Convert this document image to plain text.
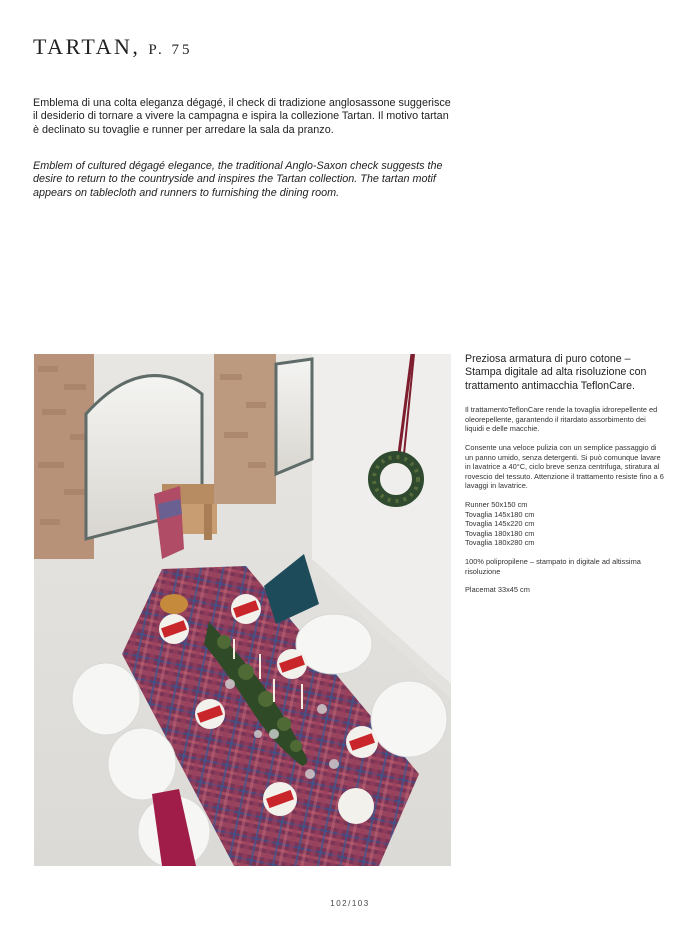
TARTAN, P. 75

Emblema di una colta eleganza dégagé, il check di tradizione anglosassone suggerisce il desiderio di tornare a vivere la campagna e ispira la collezione Tartan. Il motivo tartan è declinato su tovaglie e runner per arredare la sala da pranzo.

Emblem of cultured dégagé elegance, the traditional Anglo-Saxon check suggests the desire to return to the countryside and inspires the Tartan collection. The tartan motif appears on tablecloth and runners to furnishing the dining room.

Preziosa armatura di puro cotone – Stampa digitale ad alta risoluzione con trattamento antimacchia TeflonCare.

Il trattamentoTeflonCare rende la tovaglia idrorepellente ed oleorepellente, garantendo il ritardato assorbimento dei liquidi e delle macchie.

Consente una veloce pulizia con un semplice passaggio di un panno umido, senza detergenti. Si può comunque lavare in lavatrice a 40°C, ciclo breve senza centrifuga, stiratura al rovescio del tessuto. Attenzione il trattamento resiste fino a 6 lavaggi in lavatrice.

Runner 50x150 cm
Tovaglia 145x180 cm
Tovaglia 145x220 cm
Tovaglia 180x180 cm
Tovaglia 180x280 cm

100% polipropilene – stampato in digitale ad altissima risoluzione

Placemat 33x45 cm

102/103
